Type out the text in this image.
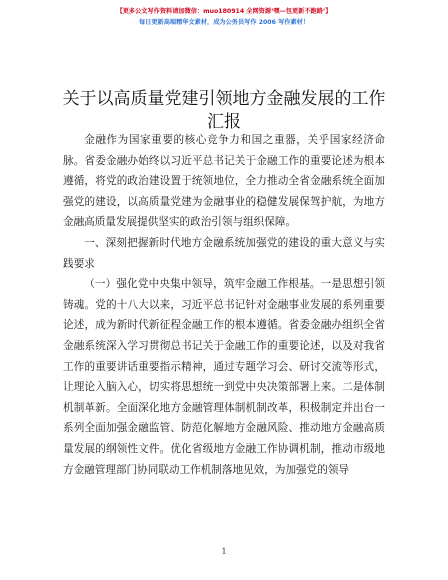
【更多公文写作资料请加微信：muo180914 全网资源‘嘿—包更新不跑路’】
每日更新高端精华文素材，成为公务员写作 2006 写作素材！
关于以高质量党建引领地方金融发展的工作汇报

金融作为国家重要的核心竞争力和国之重器，关乎国家经济命脉。省委金融办始终以习近平总书记关于金融工作的重要论述为根本遵循，将党的政治建设置于统领地位，全力推动全省金融系统全面加强党的建设，以高质量党建为金融事业的稳健发展保驾护航，为地方金融高质量发展提供坚实的政治引领与组织保障。

一、深刻把握新时代地方金融系统加强党的建设的重大意义与实践要求

（一）强化党中央集中领导，筑牢金融工作根基。一是思想引领铸魂。党的十八大以来，习近平总书记针对金融事业发展的系列重要论述，成为新时代新征程金融工作的根本遵循。省委金融办组织全省金融系统深入学习贯彻总书记关于金融工作的重要论述，以及对我省工作的重要讲话重要指示精神，通过专题学习会、研讨交流等形式，让理论入脑入心，切实将思想统一到党中央决策部署上来。二是体制机制革新。全面深化地方金融管理体制机制改革，积极制定并出台一系列全面加强金融监管、防范化解地方金融风险、推动地方金融高质量发展的纲领性文件。优化省级地方金融工作协调机制，推动市级地方金融管理部门协同联动工作机制落地见效，为加强党的领导

1
